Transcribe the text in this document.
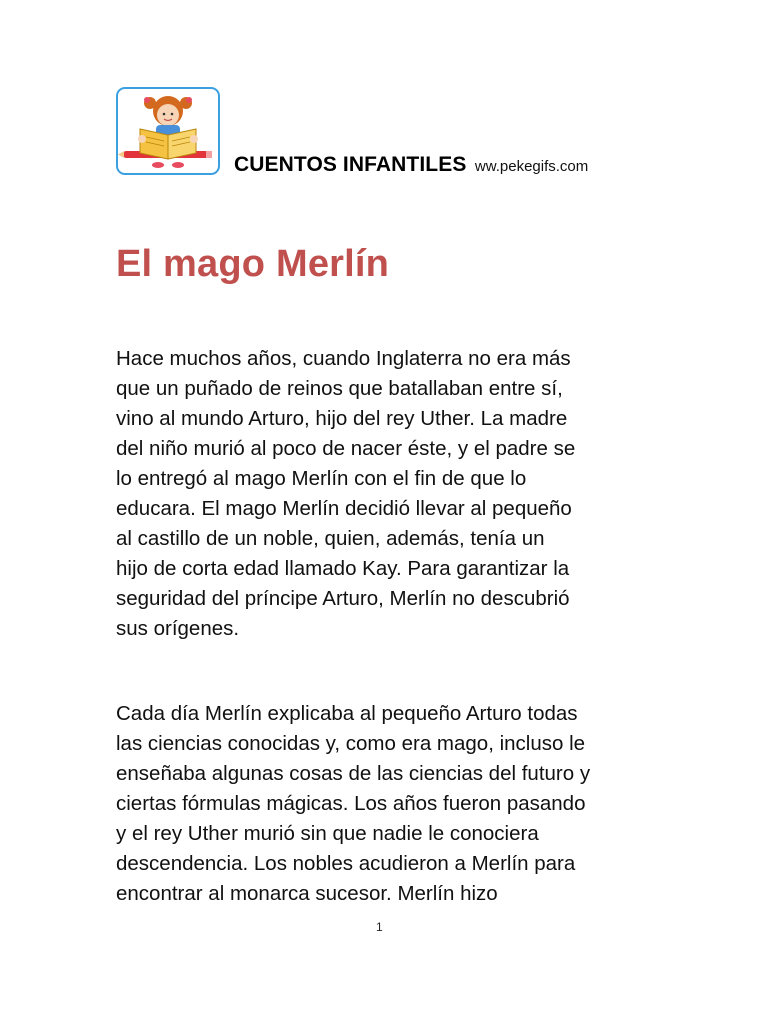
CUENTOS INFANTILES ww.pekegifs.com
El mago Merlín

Hace muchos años, cuando Inglaterra no era más
que un puñado de reinos que batallaban entre sí,
vino al mundo Arturo, hijo del rey Uther. La madre
del niño murió al poco de nacer éste, y el padre se
lo entregó al mago Merlín con el fin de que lo
educara. El mago Merlín decidió llevar al pequeño
al castillo de un noble, quien, además, tenía un
hijo de corta edad llamado Kay. Para garantizar la
seguridad del príncipe Arturo, Merlín no descubrió
sus orígenes.

Cada día Merlín explicaba al pequeño Arturo todas
las ciencias conocidas y, como era mago, incluso le
enseñaba algunas cosas de las ciencias del futuro y
ciertas fórmulas mágicas. Los años fueron pasando
y el rey Uther murió sin que nadie le conociera
descendencia. Los nobles acudieron a Merlín para
encontrar al monarca sucesor. Merlín hizo

1
